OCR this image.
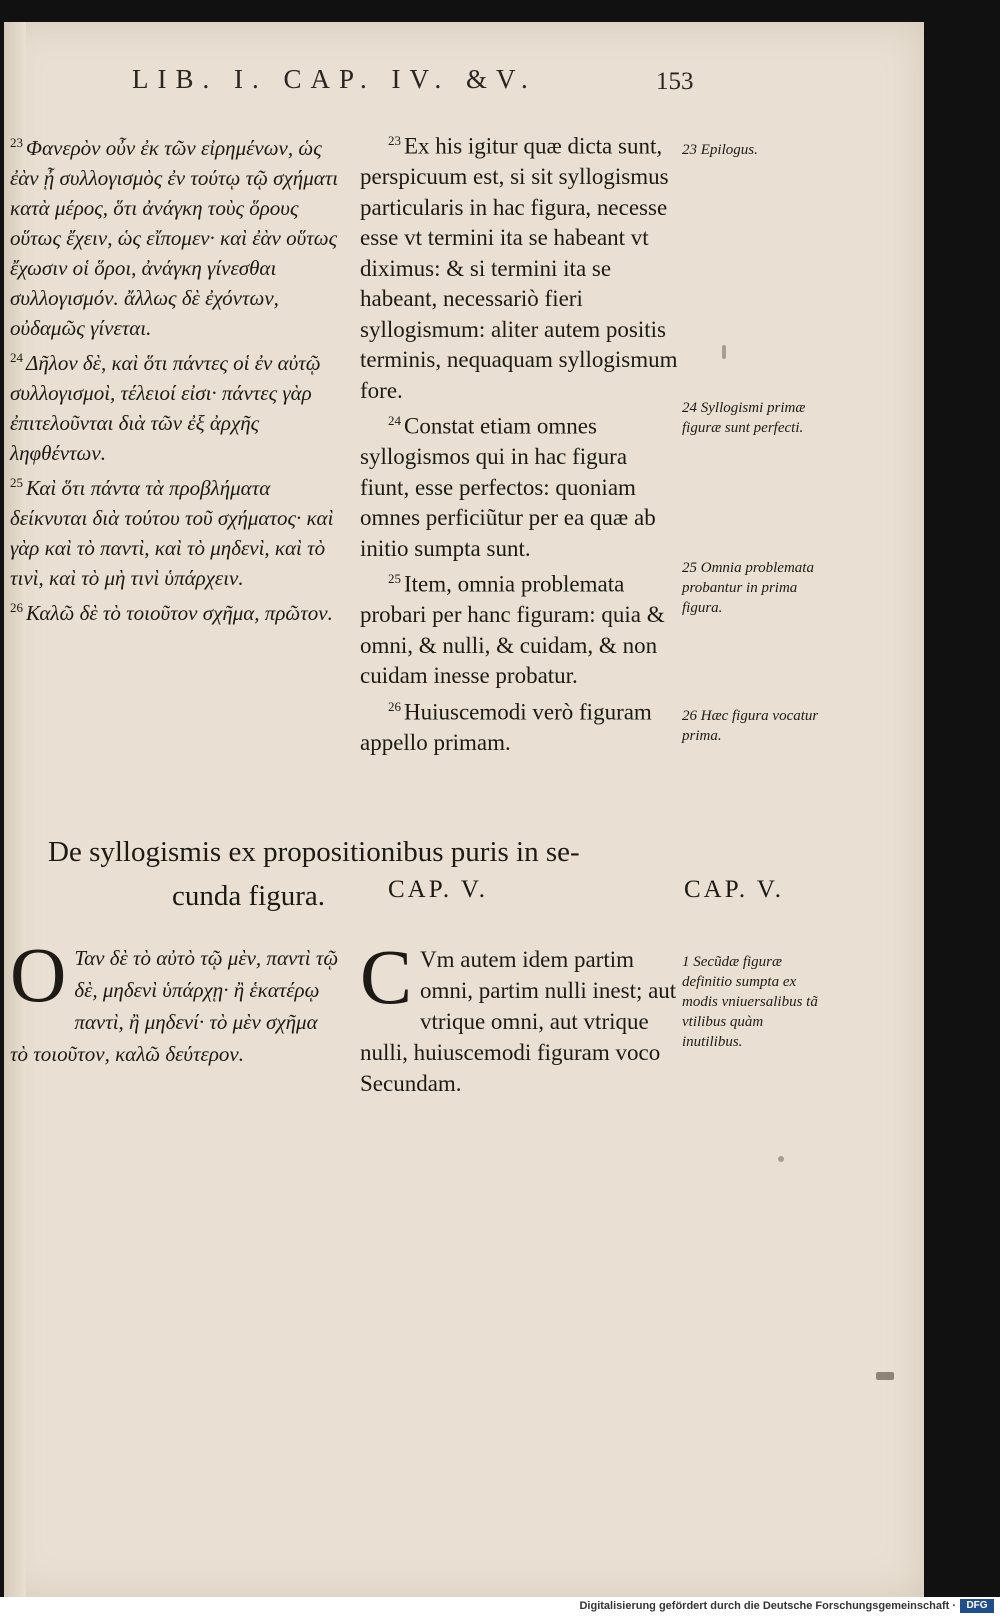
LIB. I. CAP. IV. &V.	153

$^{23}$ Φανερὸν οὖν ἐκ τῶν εἰρημένων, ὡς ἐὰν ᾖ συλλογισμὸς ἐν τούτῳ τῷ σχήματι κατὰ μέρος, ὅτι ἀνάγκη τοὺς ὅρους οὕτως ἔχειν, ὡς εἴπομεν· καὶ ἐὰν οὕτως ἔχωσιν οἱ ὅροι, ἀνάγκη γίνεσθαι συλλογισμόν. ἄλλως δὲ ἐχόντων, οὐδαμῶς γίνεται.

$^{24}$ Δῆλον δὲ, καὶ ὅτι πάντες οἱ ἐν αὐτῷ συλλογισμοὶ, τέλειοί εἰσι· πάντες γὰρ ἐπιτελοῦνται διὰ τῶν ἐξ ἀρχῆς ληφθέντων.

$^{25}$ Καὶ ὅτι πάντα τὰ προβλήματα δείκνυται διὰ τούτου τοῦ σχήματος· καὶ γὰρ καὶ τὸ παντὶ, καὶ τὸ μηδενὶ, καὶ τὸ τινὶ, καὶ τὸ μὴ τινὶ ὑπάρχειν.

$^{26}$ Καλῶ δὲ τὸ τοιοῦτον σχῆμα, πρῶτον.

$^{23}$ Ex his igitur quæ dicta sunt, perspicuum est, si sit syllogismus particularis in hac figura, necesse esse vt termini ita se habeant vt diximus: & si termini ita se habeant, necessariò fieri syllogismum: aliter autem positis terminis, nequaquam syllogismum fore.

$^{24}$ Constat etiam omnes syllogismos qui in hac figura fiunt, esse perfectos: quoniam omnes perficiũtur per ea quæ ab initio sumpta sunt.

$^{25}$ Item, omnia problemata probari per hanc figuram: quia & omni, & nulli, & cuidam, & non cuidam inesse probatur.

$^{26}$ Huiuscemodi verò figuram appello primam.

23 Epilogus.
24 Syllogismi primæ figuræ sunt perfecti.
25 Omnia problemata probantur in prima figura.
26 Hæc figura vocatur prima.
De syllogismis ex propositionibus puris in se-
cunda figura.	CAP. V.	CAP. V.
Ο Ταν δὲ τὸ αὐτὸ τῷ μὲν, παντὶ τῷ δὲ, μηδενὶ ὑπάρχῃ· ἢ ἑκατέρῳ παντὶ, ἢ μηδενί· τὸ μὲν σχῆμα τὸ τοιοῦτον, καλῶ δεύτερον.
C Vm autem idem partim omni, partim nulli inest; aut vtrique omni, aut vtrique nulli, huiuscemodi figuram voco Secundam.
1 Secũdæ figuræ definitio sumpta ex modis vniuersalibus tã vtilibus quàm inutilibus.
Digitalisierung gefördert durch die Deutsche Forschungsgemeinschaft ·	DFG
